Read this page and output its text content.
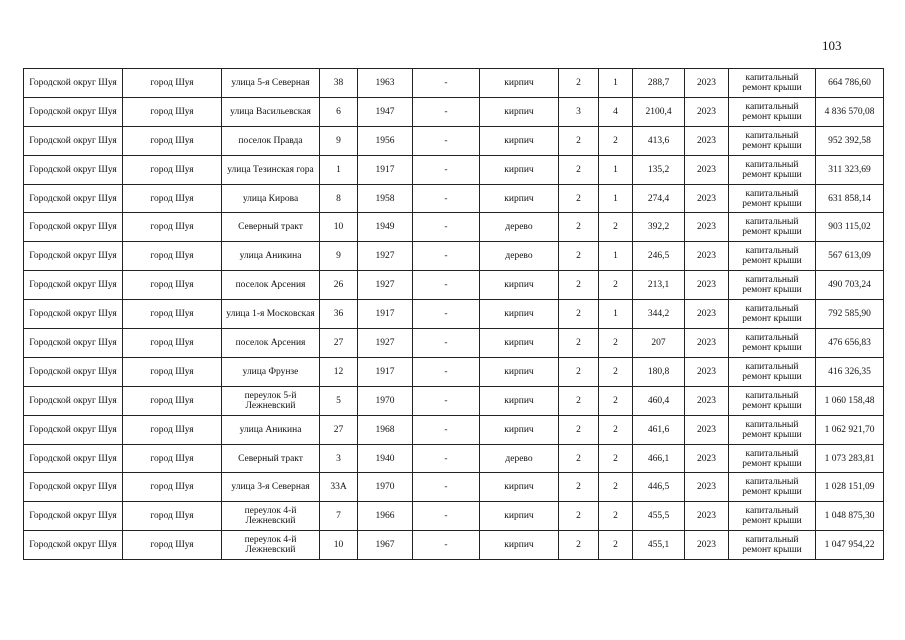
103
Городской округ Шуя	город Шуя	улица 5-я Северная	38	1963	-	кирпич	2	1	288,7	2023	капитальный ремонт крыши	664 786,60
Городской округ Шуя	город Шуя	улица Васильевская	6	1947	-	кирпич	3	4	2100,4	2023	капитальный ремонт крыши	4 836 570,08
Городской округ Шуя	город Шуя	поселок Правда	9	1956	-	кирпич	2	2	413,6	2023	капитальный ремонт крыши	952 392,58
Городской округ Шуя	город Шуя	улица Тезинская гора	1	1917	-	кирпич	2	1	135,2	2023	капитальный ремонт крыши	311 323,69
Городской округ Шуя	город Шуя	улица Кирова	8	1958	-	кирпич	2	1	274,4	2023	капитальный ремонт крыши	631 858,14
Городской округ Шуя	город Шуя	Северный тракт	10	1949	-	дерево	2	2	392,2	2023	капитальный ремонт крыши	903 115,02
Городской округ Шуя	город Шуя	улица Аникина	9	1927	-	дерево	2	1	246,5	2023	капитальный ремонт крыши	567 613,09
Городской округ Шуя	город Шуя	поселок Арсения	26	1927	-	кирпич	2	2	213,1	2023	капитальный ремонт крыши	490 703,24
Городской округ Шуя	город Шуя	улица 1-я Московская	36	1917	-	кирпич	2	1	344,2	2023	капитальный ремонт крыши	792 585,90
Городской округ Шуя	город Шуя	поселок Арсения	27	1927	-	кирпич	2	2	207	2023	капитальный ремонт крыши	476 656,83
Городской округ Шуя	город Шуя	улица Фрунзе	12	1917	-	кирпич	2	2	180,8	2023	капитальный ремонт крыши	416 326,35
Городской округ Шуя	город Шуя	переулок 5-й Лежневский	5	1970	-	кирпич	2	2	460,4	2023	капитальный ремонт крыши	1 060 158,48
Городской округ Шуя	город Шуя	улица Аникина	27	1968	-	кирпич	2	2	461,6	2023	капитальный ремонт крыши	1 062 921,70
Городской округ Шуя	город Шуя	Северный тракт	3	1940	-	дерево	2	2	466,1	2023	капитальный ремонт крыши	1 073 283,81
Городской округ Шуя	город Шуя	улица 3-я Северная	33А	1970	-	кирпич	2	2	446,5	2023	капитальный ремонт крыши	1 028 151,09
Городской округ Шуя	город Шуя	переулок 4-й Лежневский	7	1966	-	кирпич	2	2	455,5	2023	капитальный ремонт крыши	1 048 875,30
Городской округ Шуя	город Шуя	переулок 4-й Лежневский	10	1967	-	кирпич	2	2	455,1	2023	капитальный ремонт крыши	1 047 954,22
